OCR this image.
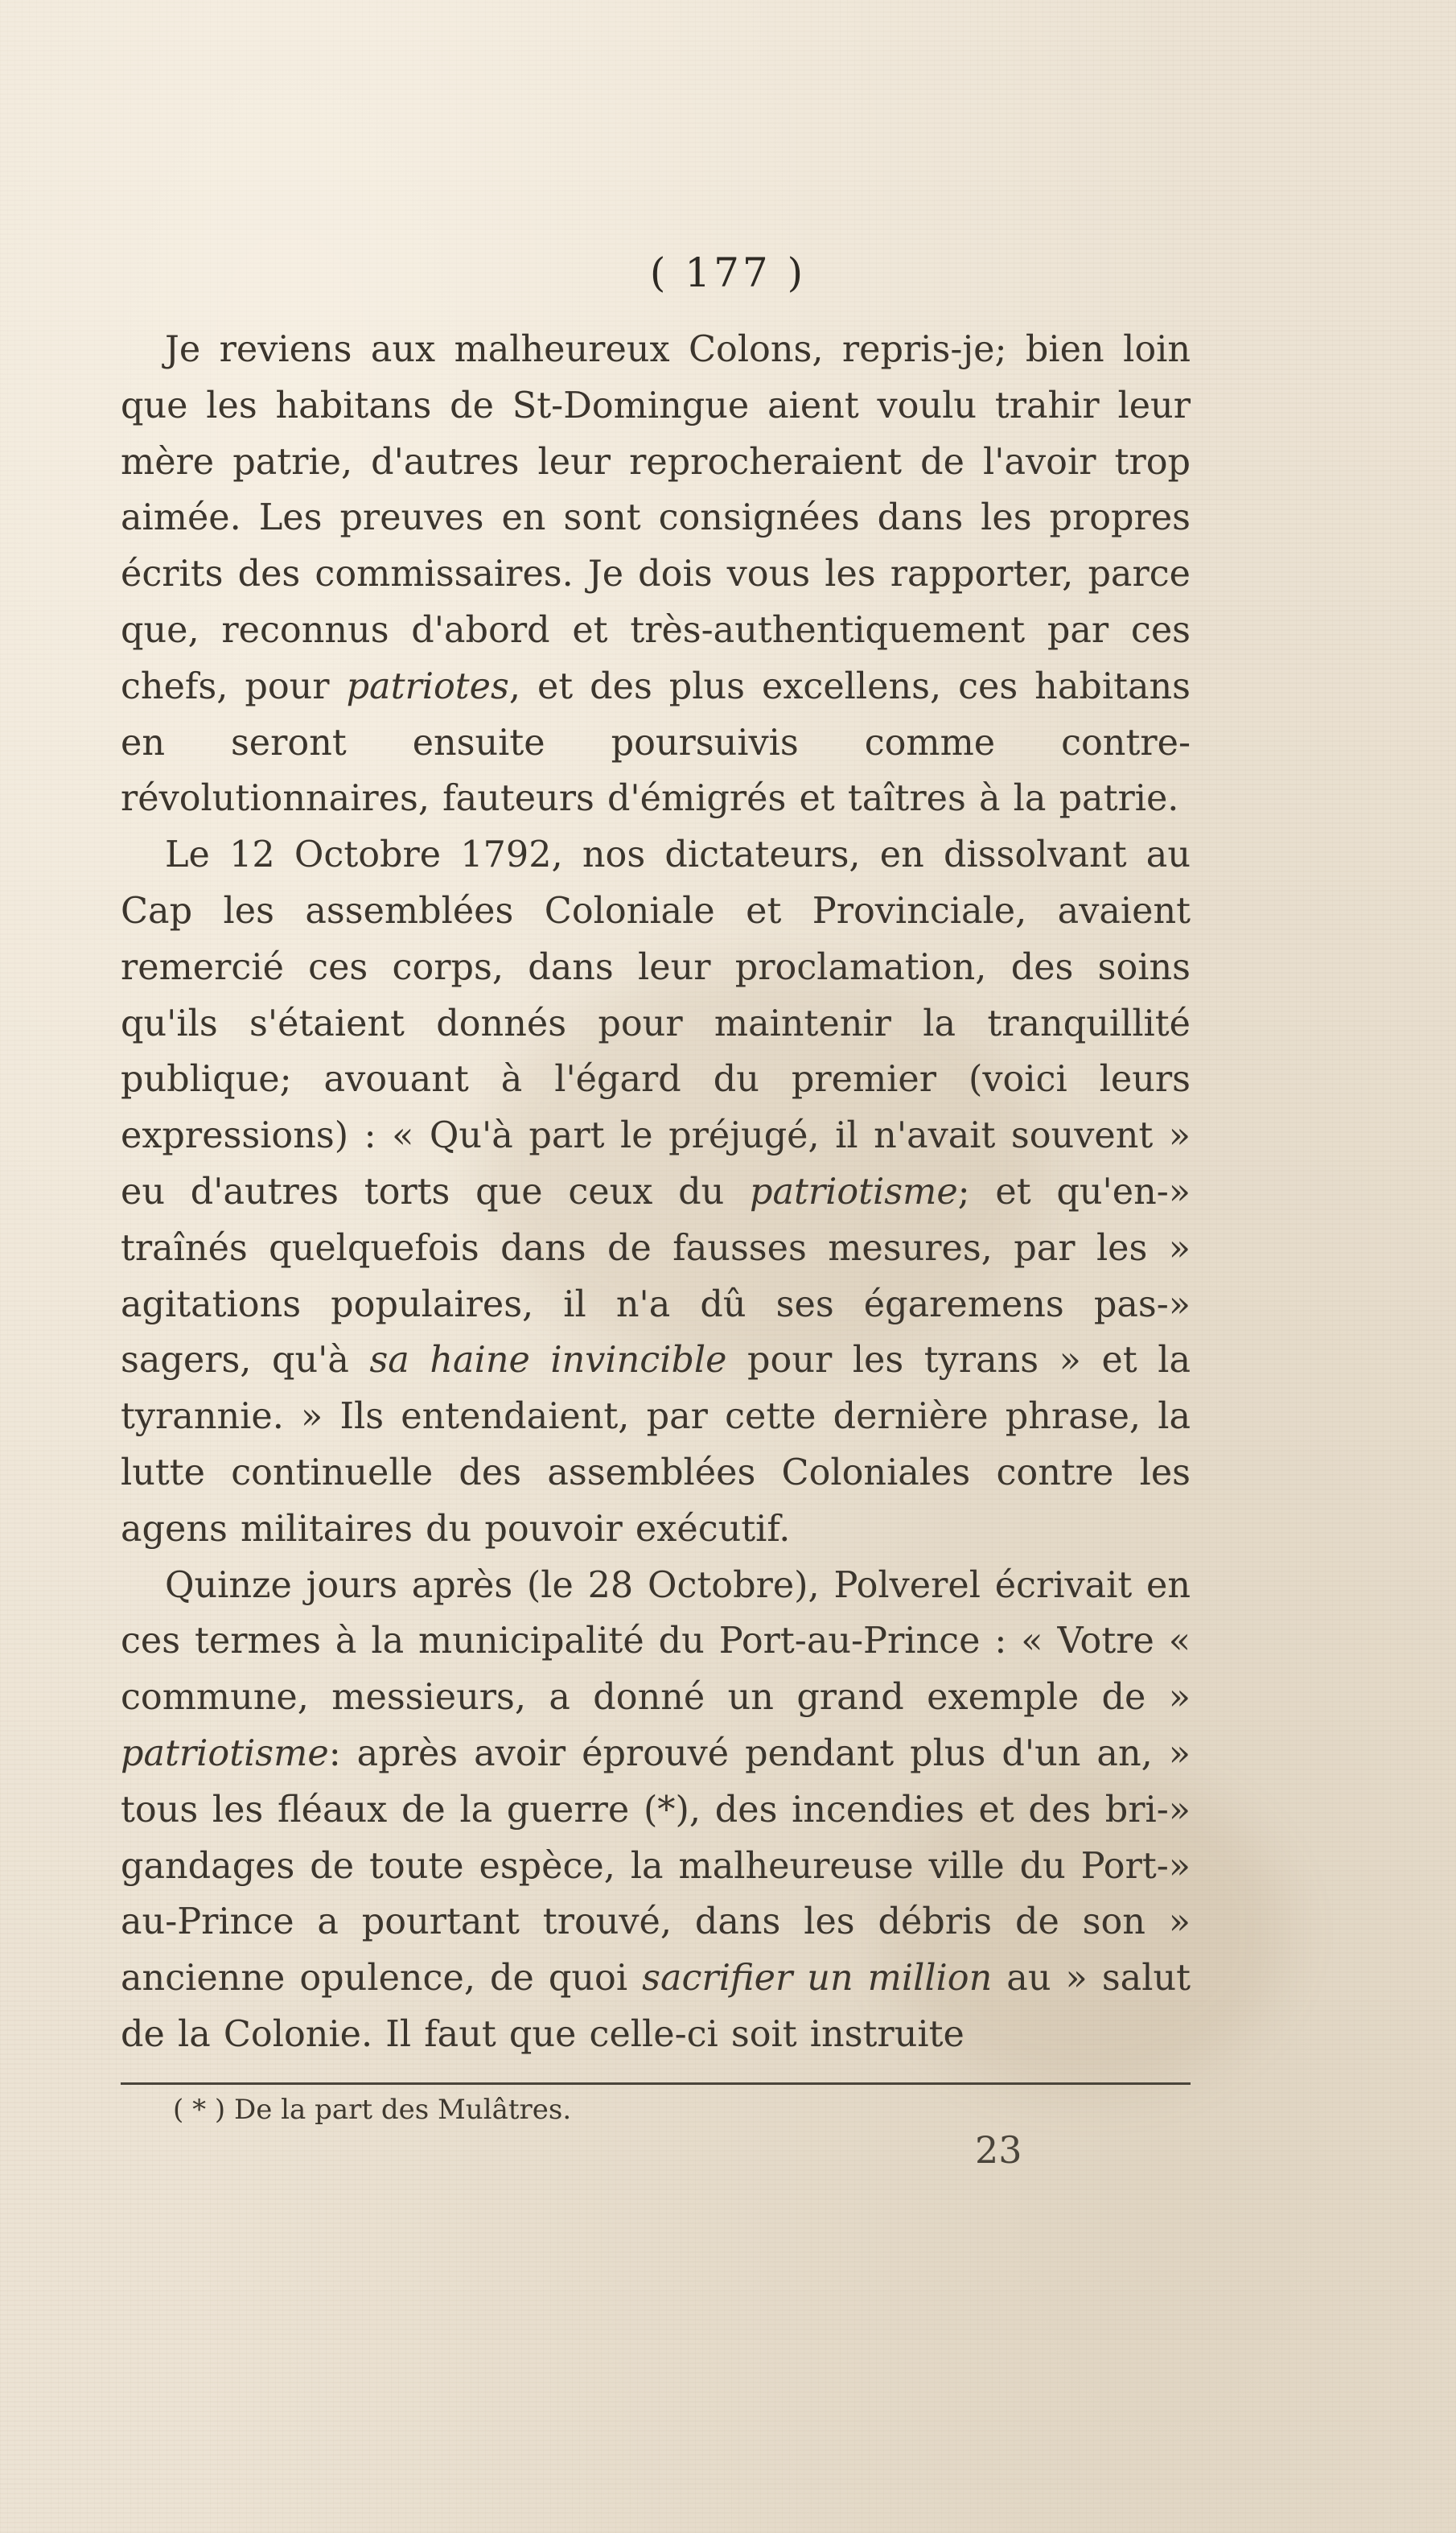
( 177 )

Je reviens aux malheureux Colons, repris-je; bien loin que les habitans de St-Domingue aient voulu trahir leur mère patrie, d'autres leur reprocheraient de l'avoir trop aimée. Les preuves en sont consignées dans les propres écrits des commissaires. Je dois vous les rapporter, parce que, reconnus d'abord et très-authentiquement par ces chefs, pour patriotes, et des plus excellens, ces habitans en seront ensuite poursuivis comme contre-révolutionnaires, fauteurs d'émigrés et taîtres à la patrie.

Le 12 Octobre 1792, nos dictateurs, en dissolvant au Cap les assemblées Coloniale et Provinciale, avaient remercié ces corps, dans leur proclamation, des soins qu'ils s'étaient donnés pour maintenir la tranquillité publique; avouant à l'égard du premier (voici leurs expressions) : « Qu'à part le préjugé, il n'avait souvent » eu d'autres torts que ceux du patriotisme; et qu'en-» traînés quelquefois dans de fausses mesures, par les » agitations populaires, il n'a dû ses égaremens pas-» sagers, qu'à sa haine invincible pour les tyrans » et la tyrannie. » Ils entendaient, par cette dernière phrase, la lutte continuelle des assemblées Coloniales contre les agens militaires du pouvoir exécutif.

Quinze jours après (le 28 Octobre), Polverel écrivait en ces termes à la municipalité du Port-au-Prince : « Votre « commune, messieurs, a donné un grand exemple de » patriotisme: après avoir éprouvé pendant plus d'un an, » tous les fléaux de la guerre (*), des incendies et des bri-» gandages de toute espèce, la malheureuse ville du Port-» au-Prince a pourtant trouvé, dans les débris de son » ancienne opulence, de quoi sacrifier un million au » salut de la Colonie. Il faut que celle-ci soit instruite

( * ) De la part des Mulâtres.
23
